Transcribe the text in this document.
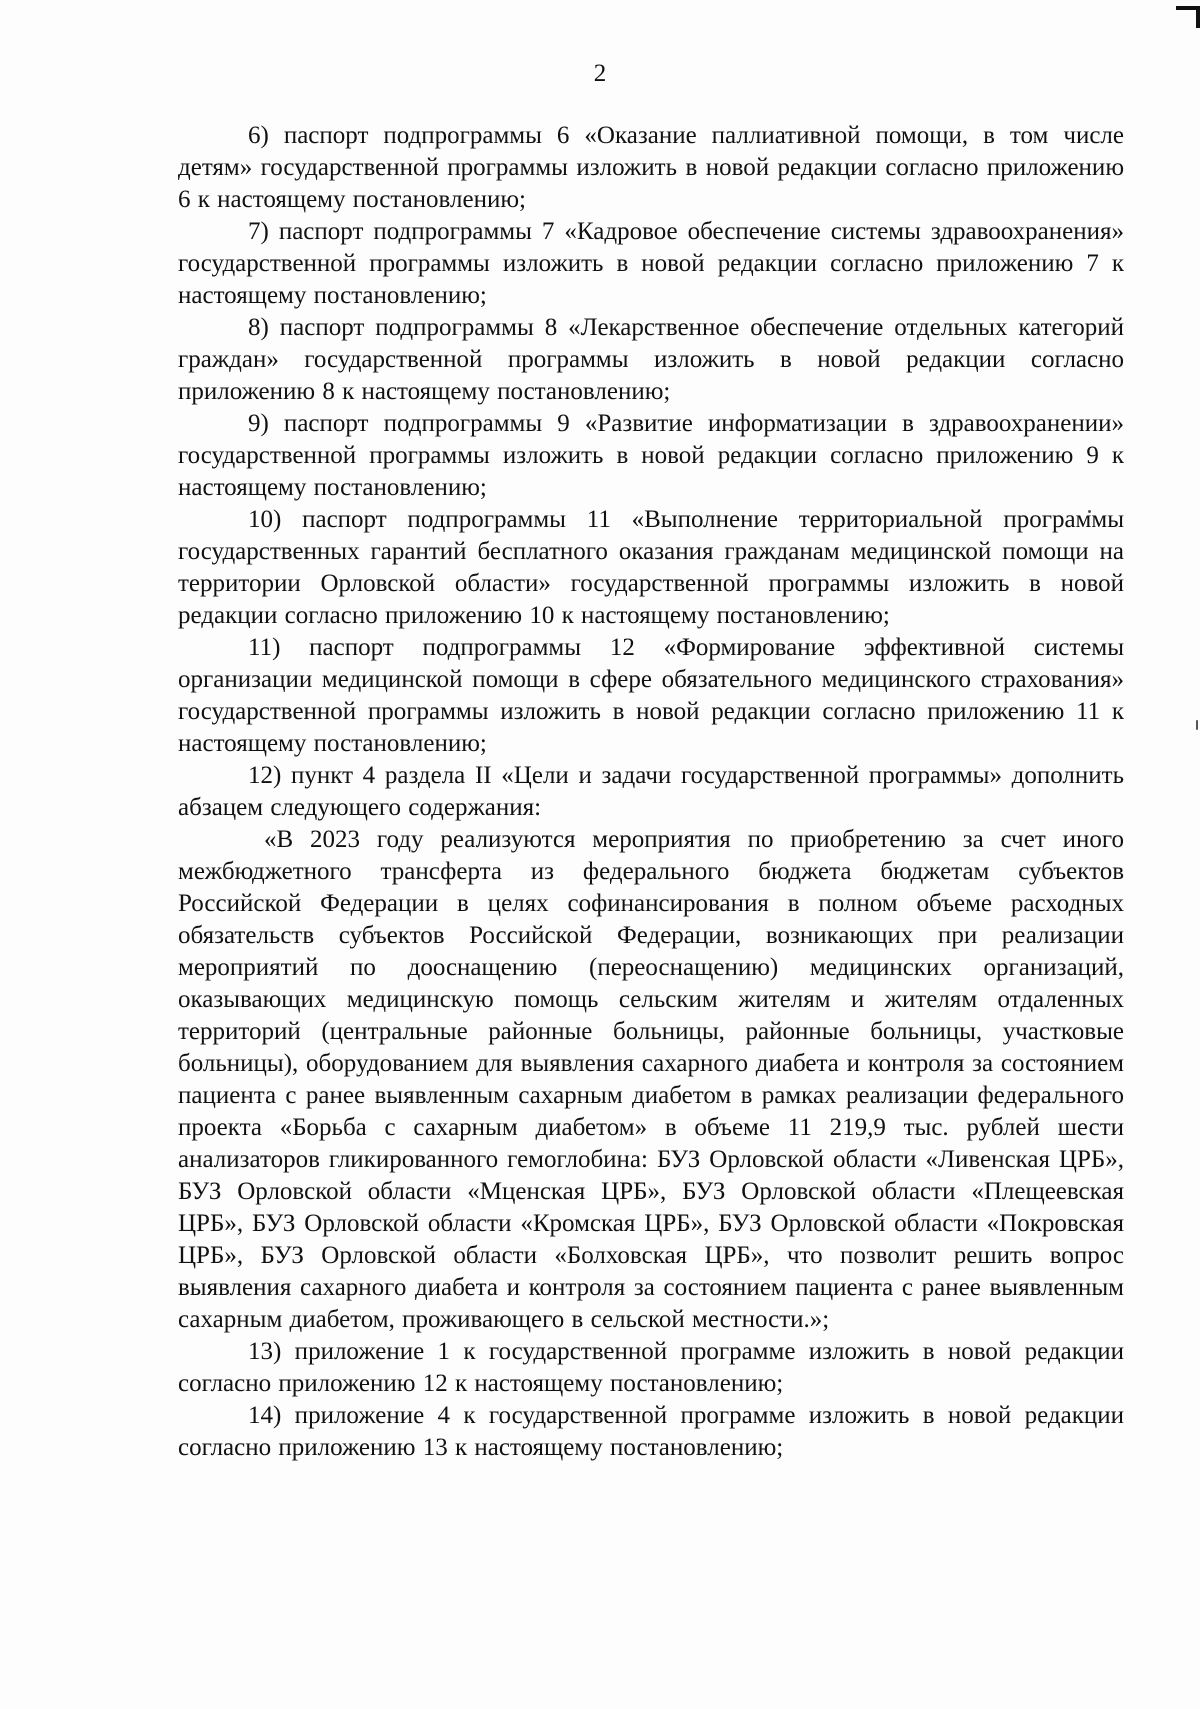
2

6) паспорт подпрограммы 6 «Оказание паллиативной помощи, в том числе детям» государственной программы изложить в новой редакции согласно приложению 6 к настоящему постановлению;

7) паспорт подпрограммы 7 «Кадровое обеспечение системы здравоохранения» государственной программы изложить в новой редакции согласно приложению 7 к настоящему постановлению;

8) паспорт подпрограммы 8 «Лекарственное обеспечение отдельных категорий граждан» государственной программы изложить в новой редакции согласно приложению 8 к настоящему постановлению;

9) паспорт подпрограммы 9 «Развитие информатизации в здравоохранении» государственной программы изложить в новой редакции согласно приложению 9 к настоящему постановлению;

10) паспорт подпрограммы 11 «Выполнение территориальной программы государственных гарантий бесплатного оказания гражданам медицинской помощи на территории Орловской области» государственной программы изложить в новой редакции согласно приложению 10 к настоящему постановлению;

11) паспорт подпрограммы 12 «Формирование эффективной системы организации медицинской помощи в сфере обязательного медицинского страхования» государственной программы изложить в новой редакции согласно приложению 11 к настоящему постановлению;

12) пункт 4 раздела II «Цели и задачи государственной программы» дополнить абзацем следующего содержания:

«В 2023 году реализуются мероприятия по приобретению за счет иного межбюджетного трансферта из федерального бюджета бюджетам субъектов Российской Федерации в целях софинансирования в полном объеме расходных обязательств субъектов Российской Федерации, возникающих при реализации мероприятий по дооснащению (переоснащению) медицинских организаций, оказывающих медицинскую помощь сельским жителям и жителям отдаленных территорий (центральные районные больницы, районные больницы, участковые больницы), оборудованием для выявления сахарного диабета и контроля за состоянием пациента с ранее выявленным сахарным диабетом в рамках реализации федерального проекта «Борьба с сахарным диабетом» в объеме 11 219,9 тыс. рублей шести анализаторов гликированного гемоглобина: БУЗ Орловской области «Ливенская ЦРБ», БУЗ Орловской области «Мценская ЦРБ», БУЗ Орловской области «Плещеевская ЦРБ», БУЗ Орловской области «Кромская ЦРБ», БУЗ Орловской области «Покровская ЦРБ», БУЗ Орловской области «Болховская ЦРБ», что позволит решить вопрос выявления сахарного диабета и контроля за состоянием пациента с ранее выявленным сахарным диабетом, проживающего в сельской местности.»;

13) приложение 1 к государственной программе изложить в новой редакции согласно приложению 12 к настоящему постановлению;

14) приложение 4 к государственной программе изложить в новой редакции согласно приложению 13 к настоящему постановлению;
